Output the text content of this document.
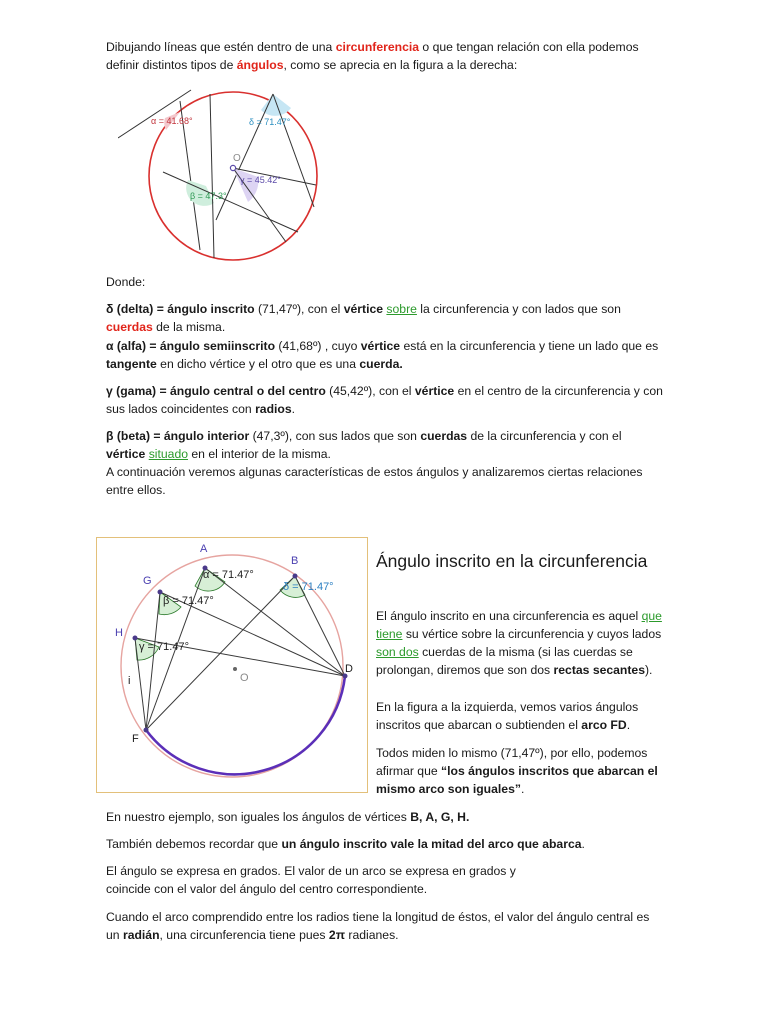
Dibujando líneas que estén dentro de una circunferencia o que tengan relación con ella podemos definir distintos tipos de ángulos, como se aprecia en la figura a la derecha:

α = 41.68°	δ = 71.47°
O
γ = 45.42°
β = 47.3°

Donde:

δ (delta) = ángulo inscrito (71,47º), con el vértice sobre la circunferencia y con lados que son cuerdas de la misma.

α (alfa) = ángulo semiinscrito (41,68º) , cuyo vértice está en la circunferencia y tiene un lado que es tangente en dicho vértice y el otro que es una cuerda.

γ (gama) = ángulo central o del centro (45,42º), con el vértice en el centro de la circunferencia y con sus lados coincidentes con radios.

β (beta) = ángulo interior (47,3º), con sus lados que son cuerdas de la circunferencia y con el vértice situado en el interior de la misma.

A continuación veremos algunas características de estos ángulos y analizaremos ciertas relaciones entre ellos.

A
B
G
H
F
D
O
i
α = 71.47°
δ = 71.47°
β = 71.47°
γ = 71.47°
Ángulo inscrito en la circunferencia

El ángulo inscrito en una circunferencia es aquel que tiene su vértice sobre la circunferencia y cuyos lados son dos cuerdas de la misma (si las cuerdas se prolongan, diremos que son dos rectas secantes).

En la figura a la izquierda, vemos varios ángulos inscritos que abarcan o subtienden el arco FD.

Todos miden lo mismo (71,47º), por ello, podemos afirmar que “los ángulos inscritos que abarcan el mismo arco son iguales”.

En nuestro ejemplo, son iguales los ángulos de vértices B, A, G, H.

También debemos recordar que un ángulo inscrito vale la mitad del arco que abarca.

El ángulo se expresa en grados. El valor de un arco se expresa en grados y coincide con el valor del ángulo del centro correspondiente.

Cuando el arco comprendido entre los radios tiene la longitud de éstos, el valor del ángulo central es un radián, una circunferencia tiene pues 2π radianes.
